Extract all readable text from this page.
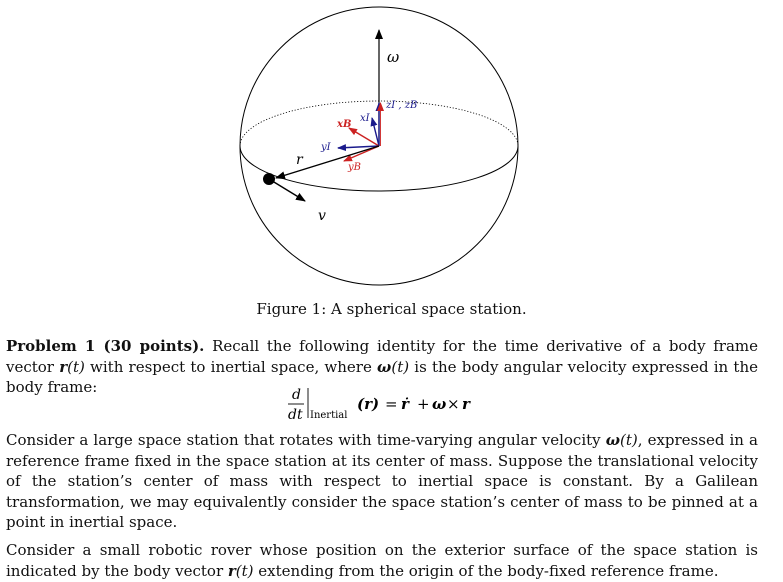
ω
zI , zB
xI
xB
yI
yB
r
v
Figure 1: A spherical space station.
Problem 1 (30 points). Recall the following identity for the time derivative of a body frame vector r(t) with respect to inertial space, where ω(t) is the body angular velocity expressed in the body frame:	d
dt Inertial
(r) = ṙ + ω × r
Consider a large space station that rotates with time-varying angular velocity ω(t), expressed in a reference frame fixed in the space station at its center of mass. Suppose the translational velocity of the station’s center of mass with respect to inertial space is constant. By a Galilean transformation, we may equivalently consider the space station’s center of mass to be pinned at a point in inertial space.
Consider a small robotic rover whose position on the exterior surface of the space station is indicated by the body vector r(t) extending from the origin of the body-fixed reference frame.
